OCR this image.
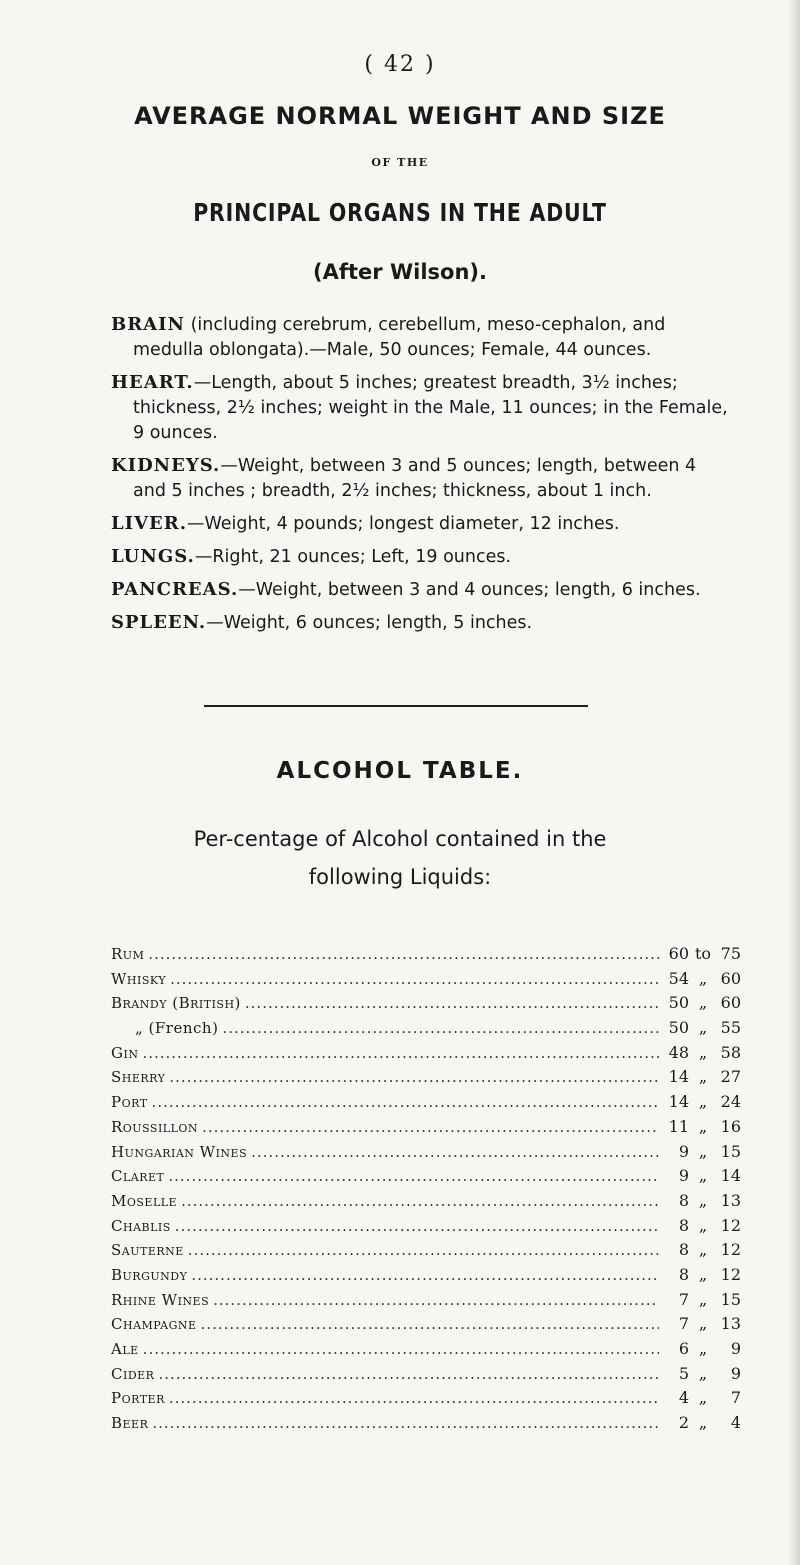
( 42 )
AVERAGE NORMAL WEIGHT AND SIZE
OF THE
PRINCIPAL ORGANS IN THE ADULT
(After Wilson).

BRAIN (including cerebrum, cerebellum, meso-cephalon, and medulla oblongata).—Male, 50 ounces; Female, 44 ounces.

HEART.—Length, about 5 inches; greatest breadth, 3½ inches; thickness, 2½ inches; weight in the Male, 11 ounces; in the Female, 9 ounces.

KIDNEYS.—Weight, between 3 and 5 ounces; length, between 4 and 5 inches ; breadth, 2½ inches; thickness, about 1 inch.

LIVER.—Weight, 4 pounds; longest diameter, 12 inches.

LUNGS.—Right, 21 ounces; Left, 19 ounces.

PANCREAS.—Weight, between 3 and 4 ounces; length, 6 inches.

SPLEEN.—Weight, 6 ounces; length, 5 inches.

ALCOHOL TABLE.
Per-centage of Alcohol contained in the
following Liquids:
Rum .....	60 to 75
Whisky .....	54 „ 60
Brandy (British) .....	50 „ 60
„ (French) .....	50 „ 55
Gin .....	48 „ 58
Sherry .....	14 „ 27
Port .....	14 „ 24
Roussillon .....	11 „ 16
Hungarian Wines .....	9 „ 15
Claret .....	9 „ 14
Moselle .....	8 „ 13
Chablis .....	8 „ 12
Sauterne .....	8 „ 12
Burgundy .....	8 „ 12
Rhine Wines .....	7 „ 15
Champagne .....	7 „ 13
Ale .....	6 „ 9
Cider .....	5 „ 9
Porter .....	4 „ 7
Beer .....	2 „ 4
